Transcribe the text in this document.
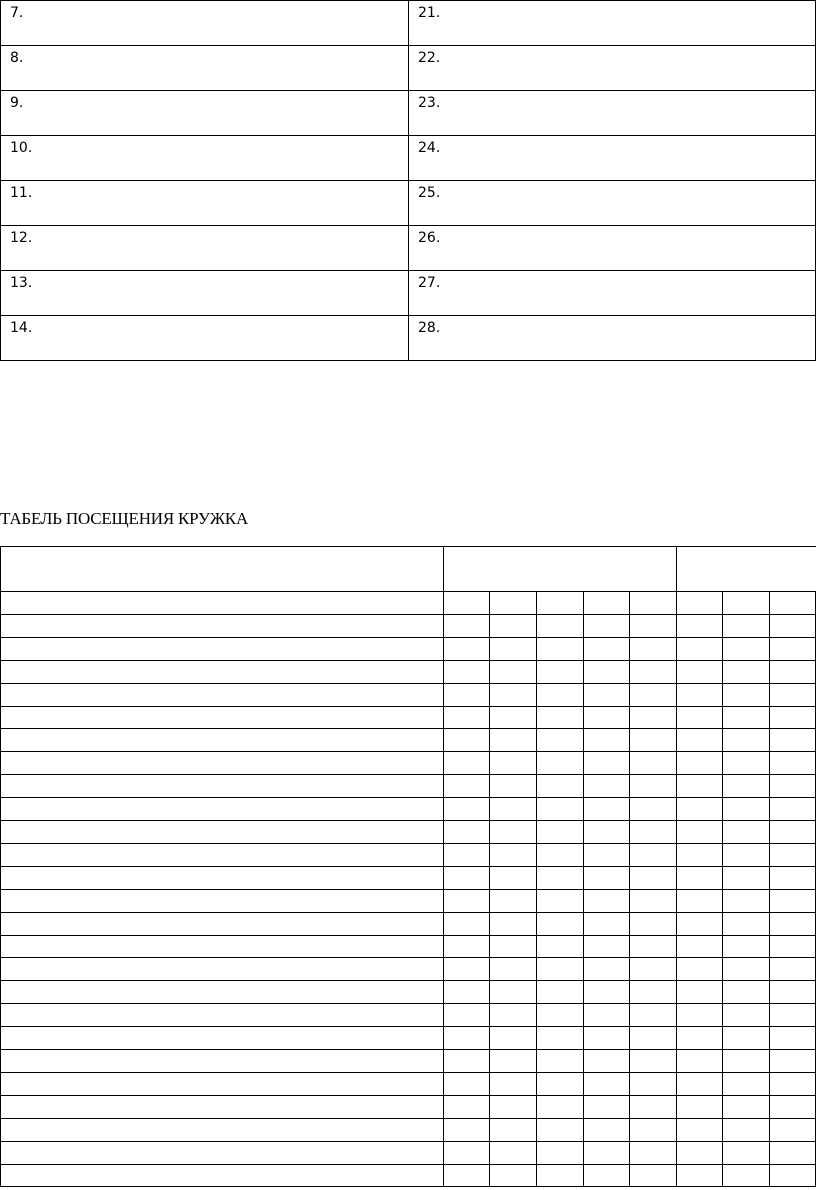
7.
8.
9.
10.
11.
12.
13.
14.
21.
22.
23.
24.
25.
26.
27.
28.
ТАБЕЛЬ ПОСЕЩЕНИЯ КРУЖКА
